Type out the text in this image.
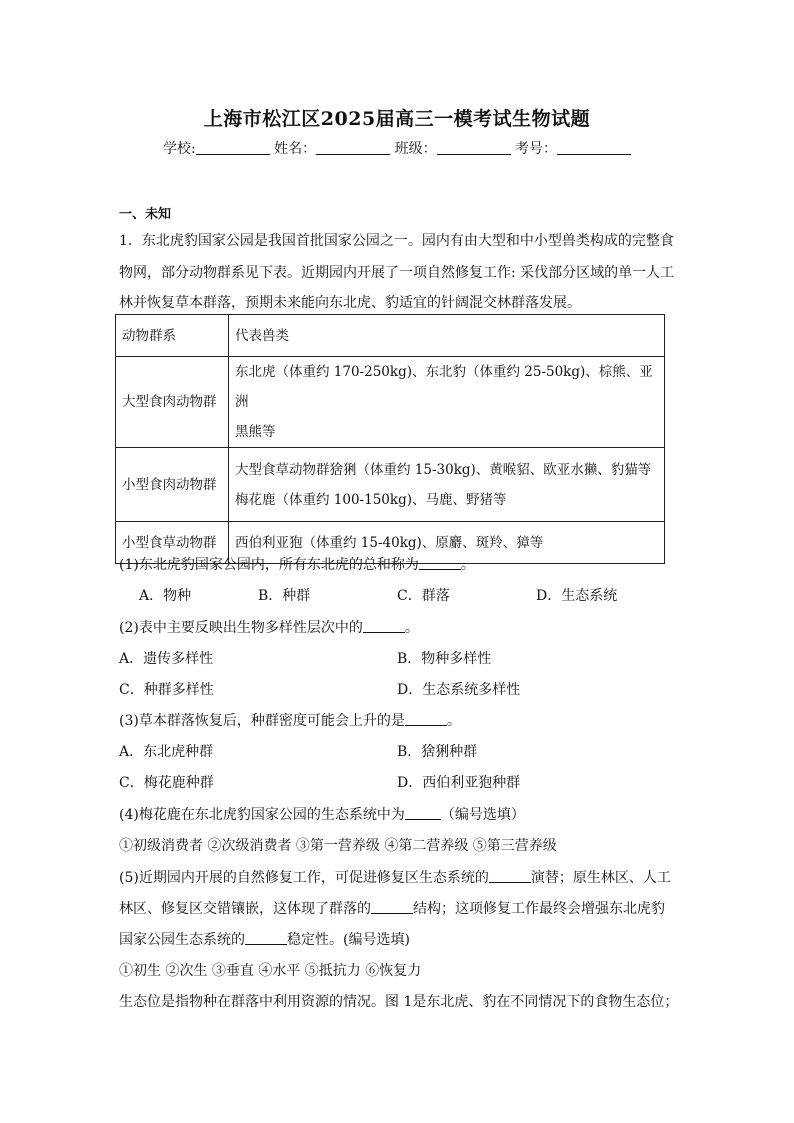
上海市松江区2025届高三一模考试生物试题
学校:	姓名：	班级：	考号：
一、未知
1．东北虎豹国家公园是我国首批国家公园之一。园内有由大型和中小型兽类构成的完整食
物网，部分动物群系见下表。近期园内开展了一项自然修复工作: 采伐部分区域的单一人工
林并恢复草本群落，预期未来能向东北虎、豹适宜的针阔混交林群落发展。
动物群系	代表兽类
大型食肉动物群	东北虎（体重约 170-250kg)、东北豹（体重约 25-50kg)、棕熊、亚洲
黑熊等

小型食肉动物群	大型食草动物群猞猁（体重约 15-30kg)、黄喉貂、欧亚水獭、豹猫等
梅花鹿（体重约 100-150kg)、马鹿、野猪等

小型食草动物群	西伯利亚狍（体重约 15-40kg)、原麝、斑羚、獐等
(1)东北虎豹国家公园内，所有东北虎的总和称为	。
A．物种	B．种群	C．群落	D．生态系统
(2)表中主要反映出生物多样性层次中的	。
A．遗传多样性	B．物种多样性
C．种群多样性	D．生态系统多样性
(3)草本群落恢复后，种群密度可能会上升的是	。
A．东北虎种群	B．猞猁种群
C．梅花鹿种群	D．西伯利亚狍种群
(4)梅花鹿在东北虎豹国家公园的生态系统中为	（编号选填）
①初级消费者 ②次级消费者 ③第一营养级 ④第二营养级 ⑤第三营养级
(5)近期园内开展的自然修复工作，可促进修复区生态系统的	演替；原生林区、人工
林区、修复区交错镶嵌，这体现了群落的	结构；这项修复工作最终会增强东北虎豹
国家公园生态系统的	稳定性。(编号选填)
①初生 ②次生 ③垂直 ④水平 ⑤抵抗力 ⑥恢复力
生态位是指物种在群落中利用资源的情况。图 1是东北虎、豹在不同情况下的食物生态位；
